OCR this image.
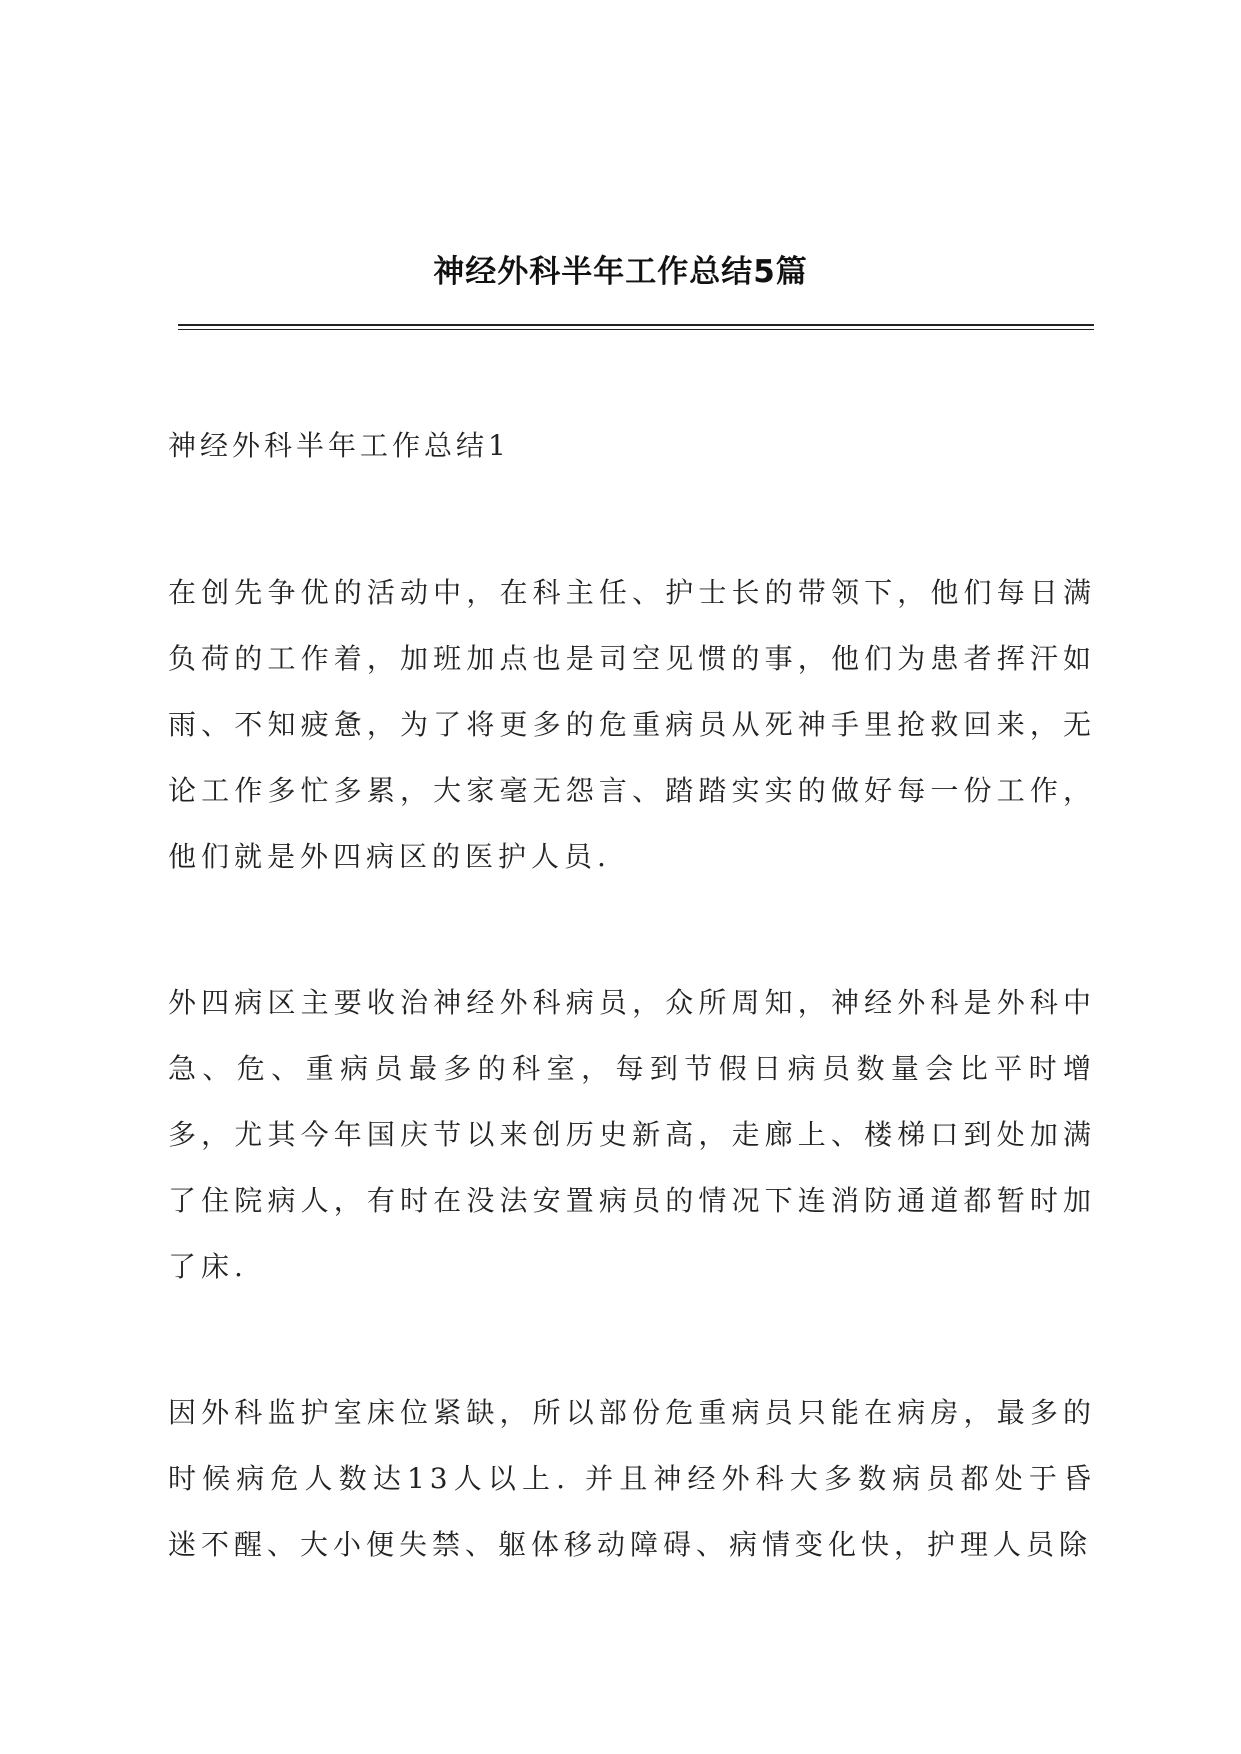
神经外科半年工作总结5篇
神经外科半年工作总结1

在创先争优的活动中，在科主任、护士长的带领下，他们每日满负荷的工作着，加班加点也是司空见惯的事，他们为患者挥汗如雨、不知疲惫，为了将更多的危重病员从死神手里抢救回来，无论工作多忙多累，大家毫无怨言、踏踏实实的做好每一份工作，他们就是外四病区的医护人员.

外四病区主要收治神经外科病员，众所周知，神经外科是外科中急、危、重病员最多的科室，每到节假日病员数量会比平时增多，尤其今年国庆节以来创历史新高，走廊上、楼梯口到处加满了住院病人，有时在没法安置病员的情况下连消防通道都暂时加了床.

因外科监护室床位紧缺，所以部份危重病员只能在病房，最多的时候病危人数达13人以上. 并且神经外科大多数病员都处于昏迷不醒、大小便失禁、躯体移动障碍、病情变化快，护理人员除
